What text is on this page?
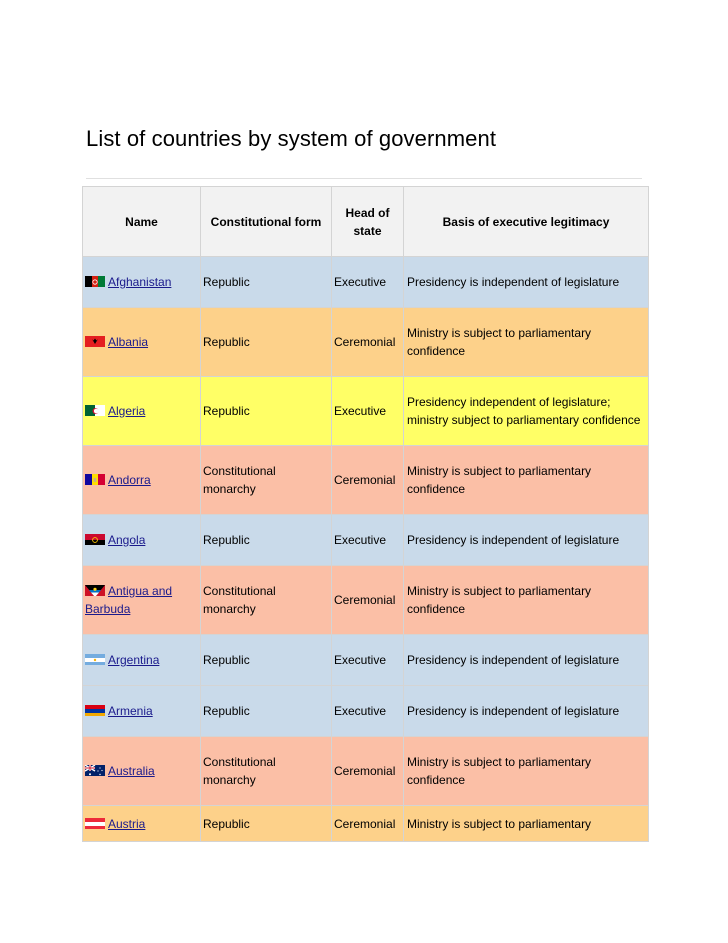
List of countries by system of government
Name	Constitutional form	Head of state	Basis of executive legitimacy
Afghanistan	Republic	Executive	Presidency is independent of legislature
Albania	Republic	Ceremonial	Ministry is subject to parliamentary confidence
Algeria	Republic	Executive	Presidency independent of legislature; ministry subject to parliamentary confidence
Andorra	Constitutional monarchy	Ceremonial	Ministry is subject to parliamentary confidence
Angola	Republic	Executive	Presidency is independent of legislature
Antigua and Barbuda	Constitutional monarchy	Ceremonial	Ministry is subject to parliamentary confidence
Argentina	Republic	Executive	Presidency is independent of legislature
Armenia	Republic	Executive	Presidency is independent of legislature
Australia	Constitutional monarchy	Ceremonial	Ministry is subject to parliamentary confidence
Austria	Republic	Ceremonial	Ministry is subject to parliamentary
